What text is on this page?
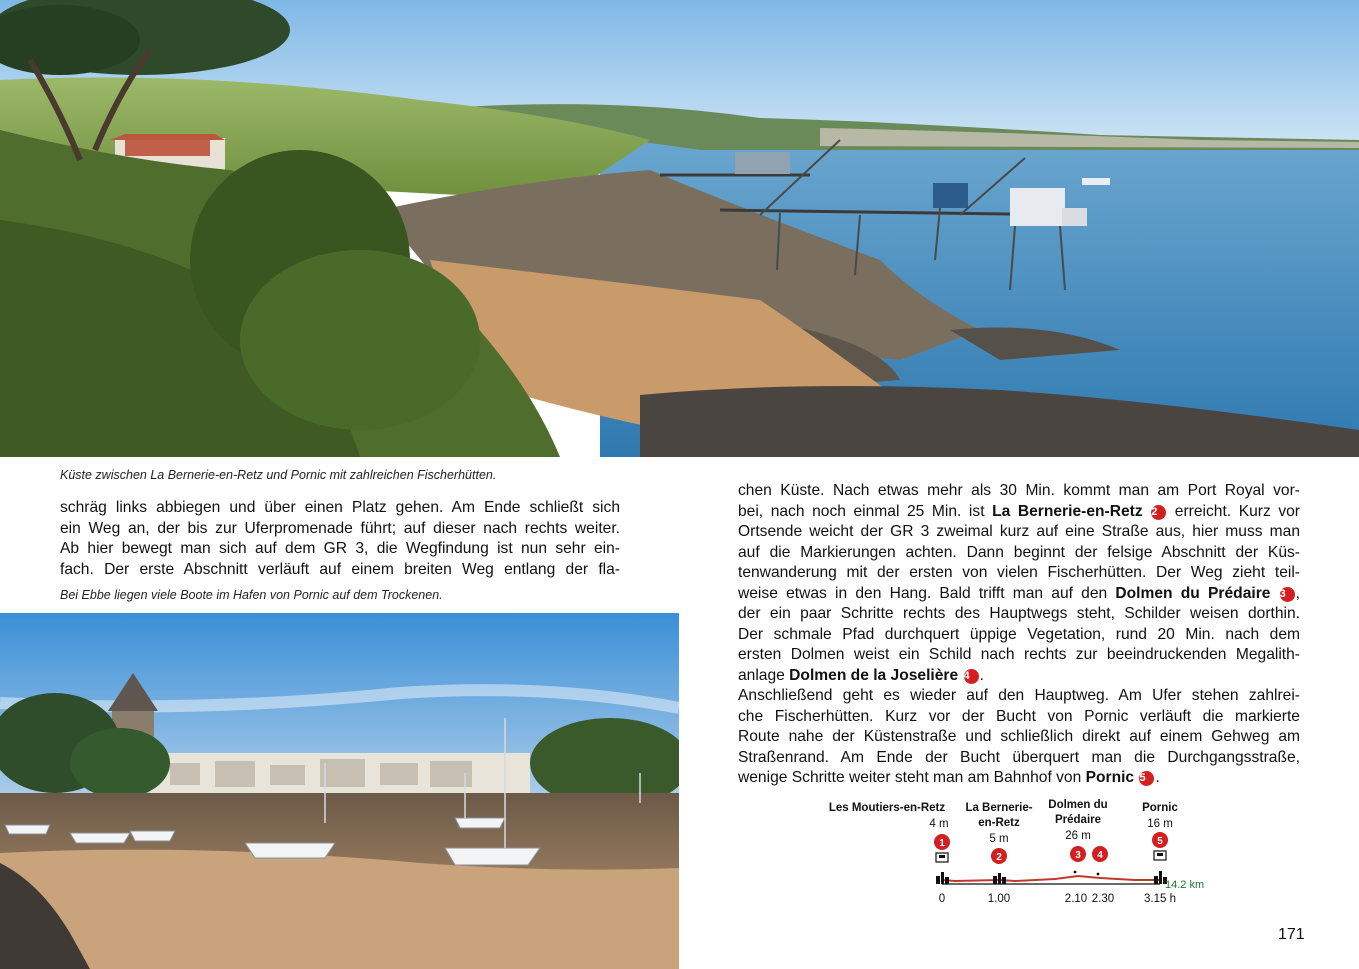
Küste zwischen La Bernerie-en-Retz und Pornic mit zahlreichen Fischerhütten.
schräg links abbiegen und über einen Platz gehen. Am Ende schließt sich
ein Weg an, der bis zur Uferpromenade führt; auf dieser nach rechts weiter.
Ab hier bewegt man sich auf dem GR 3, die Wegfindung ist nun sehr ein-
fach. Der erste Abschnitt verläuft auf einem breiten Weg entlang der fla-
Bei Ebbe liegen viele Boote im Hafen von Pornic auf dem Trockenen.
chen Küste. Nach etwas mehr als 30 Min. kommt man am Port Royal vor-
bei, nach noch einmal 25 Min. ist La Bernerie-en-Retz 2 erreicht. Kurz vor
Ortsende weicht der GR 3 zweimal kurz auf eine Straße aus, hier muss man
auf die Markierungen achten. Dann beginnt der felsige Abschnitt der Küs-
tenwanderung mit der ersten von vielen Fischerhütten. Der Weg zieht teil-
weise etwas in den Hang. Bald trifft man auf den Dolmen du Prédaire 3 ,
der ein paar Schritte rechts des Hauptwegs steht, Schilder weisen dorthin.
Der schmale Pfad durchquert üppige Vegetation, rund 20 Min. nach dem
ersten Dolmen weist ein Schild nach rechts zur beeindruckenden Megalith-
anlage Dolmen de la Joselière 4 .
Anschließend geht es wieder auf den Hauptweg. Am Ufer stehen zahlrei-
che Fischerhütten. Kurz vor der Bucht von Pornic verläuft die markierte
Route nahe der Küstenstraße und schließlich direkt auf einem Gehweg am
Straßenrand. Am Ende der Bucht überquert man die Durchgangsstraße,
wenige Schritte weiter steht man am Bahnhof von Pornic 5 .
Les Moutiers-en-Retz
4 m
1
La Bernerie-
en-Retz
5 m
2
Dolmen du
Prédaire
26 m
3 4
Pornic
16 m
5
14.2 km
0	1.00	2.10 2.30	3.15 h
171
